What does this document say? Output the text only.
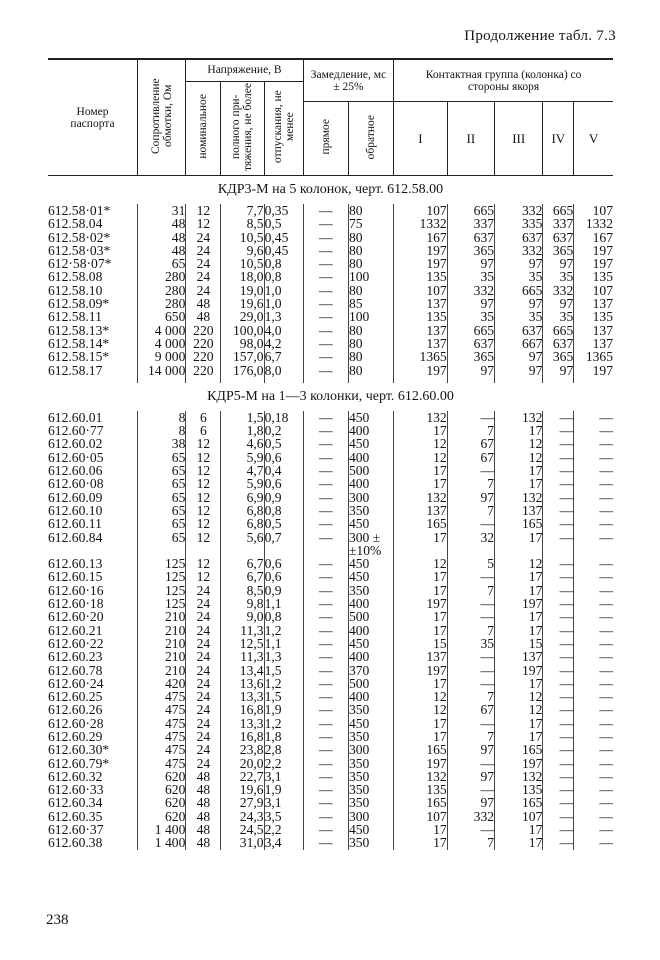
Продолжение табл. 7.3
Номер паспорта	Сопротивление обмотки, Ом	Напряжение, В			Замедление, мс ± 25%		Контактная группа (колонка) со стороны якоря				
		номинальное	полного при-тяжения, не более	отпускания, не менее							
					прямое	обратное	I	II	III	IV	V
КДР3-М на 5 колонок, черт. 612.58.00											
612.58·01*	31	12	7,7	0,35	—	80	107	665	332	665	107
612.58.04	48	12	8,5	0,5	—	75	1332	337	335	337	1332
612.58·02*	48	24	10,5	0,45	—	80	167	637	637	637	167
612.58·03*	48	24	9,6	0,45	—	80	197	365	332	365	197
612·58·07*	65	24	10,5	0,8	—	80	197	97	97	97	197
612.58.08	280	24	18,0	0,8	—	100	135	35	35	35	135
612.58.10	280	24	19,0	1,0	—	80	107	332	665	332	107
612.58.09*	280	48	19,6	1,0	—	85	137	97	97	97	137
612.58.11	650	48	29,0	1,3	—	100	135	35	35	35	135
612.58.13*	4 000	220	100,0	4,0	—	80	137	665	637	665	137
612.58.14*	4 000	220	98,0	4,2	—	80	137	637	667	637	137
612.58.15*	9 000	220	157,0	6,7	—	80	1365	365	97	365	1365
612.58.17	14 000	220	176,0	8,0	—	80	197	97	97	97	197

КДР5-М на 1—3 колонки, черт. 612.60.00											
612.60.01	8	6	1,5	0,18	—	450	132	—	132	—	—
612.60·77	8	6	1,8	0,2	—	400	17	7	17	—	—
612.60.02	38	12	4,6	0,5	—	450	12	67	12	—	—
612.60·05	65	12	5,9	0,6	—	400	12	67	12	—	—
612.60.06	65	12	4,7	0,4	—	500	17	—	17	—	—
612.60·08	65	12	5,9	0,6	—	400	17	7	17	—	—
612.60.09	65	12	6,9	0,9	—	300	132	97	132	—	—
612.60.10	65	12	6,8	0,8	—	350	137	7	137	—	—
612.60.11	65	12	6,8	0,5	—	450	165	—	165	—	—
612.60.84	65	12	5,6	0,7	—	300 ±	17	32	17	—	—
						±10%					
612.60.13	125	12	6,7	0,6	—	450	12	5	12	—	—
612.60.15	125	12	6,7	0,6	—	450	17	—	17	—	—
612.60·16	125	24	8,5	0,9	—	350	17	7	17	—	—
612.60·18	125	24	9,8	1,1	—	400	197	—	197	—	—
612.60·20	210	24	9,0	0,8	—	500	17	—	17	—	—
612.60.21	210	24	11,3	1,2	—	400	17	7	17	—	—
612.60·22	210	24	12,5	1,1	—	450	15	35	15	—	—
612.60.23	210	24	11,3	1,3	—	400	137	—	137	—	—
612.60.78	210	24	13,4	1,5	—	370	197	—	197	—	—
612.60·24	420	24	13,6	1,2	—	500	17	—	17	—	—
612.60.25	475	24	13,3	1,5	—	400	12	7	12	—	—
612.60.26	475	24	16,8	1,9	—	350	12	67	12	—	—
612.60·28	475	24	13,3	1,2	—	450	17	—	17	—	—
612.60.29	475	24	16,8	1,8	—	350	17	7	17	—	—
612.60.30*	475	24	23,8	2,8	—	300	165	97	165	—	—
612.60.79*	475	24	20,0	2,2	—	350	197	—	197	—	—
612.60.32	620	48	22,7	3,1	—	350	132	97	132	—	—
612.60·33	620	48	19,6	1,9	—	350	135	—	135	—	—
612.60.34	620	48	27,9	3,1	—	350	165	97	165	—	—
612.60.35	620	48	24,3	3,5	—	300	107	332	107	—	—
612.60·37	1 400	48	24,5	2,2	—	450	17	—	17	—	—
612.60.38	1 400	48	31,0	3,4	—	350	17	7	17	—	—
238
